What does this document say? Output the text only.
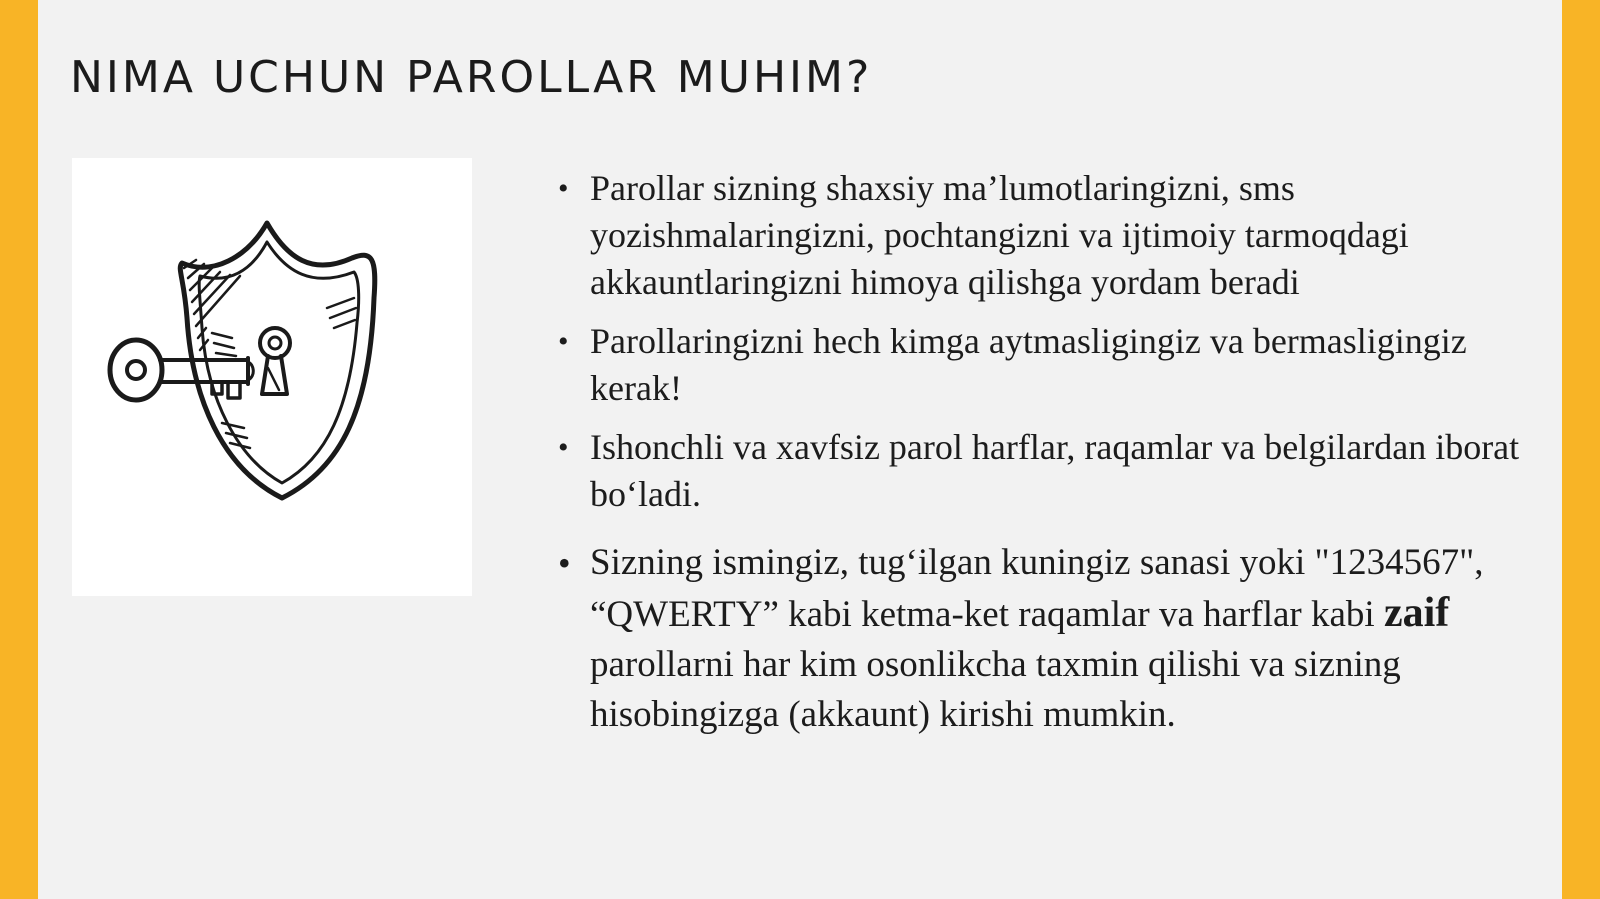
NIMA UCHUN PAROLLAR MUHIM?
• Parollar sizning shaxsiy ma’lumotlaringizni, sms yozishmalaringizni, pochtangizni va ijtimoiy tarmoqdagi akkauntlaringizni himoya qilishga yordam beradi
• Parollaringizni hech kimga aytmasligingiz va bermasligingiz kerak!
• Ishonchli va xavfsiz parol harflar, raqamlar va belgilardan iborat bo‘ladi.
• Sizning ismingiz, tug‘ilgan kuningiz sanasi yoki "1234567", “QWERTY” kabi ketma-ket raqamlar va harflar kabi zaif parollarni har kim osonlikcha taxmin qilishi va sizning hisobingizga (akkaunt) kirishi mumkin.
